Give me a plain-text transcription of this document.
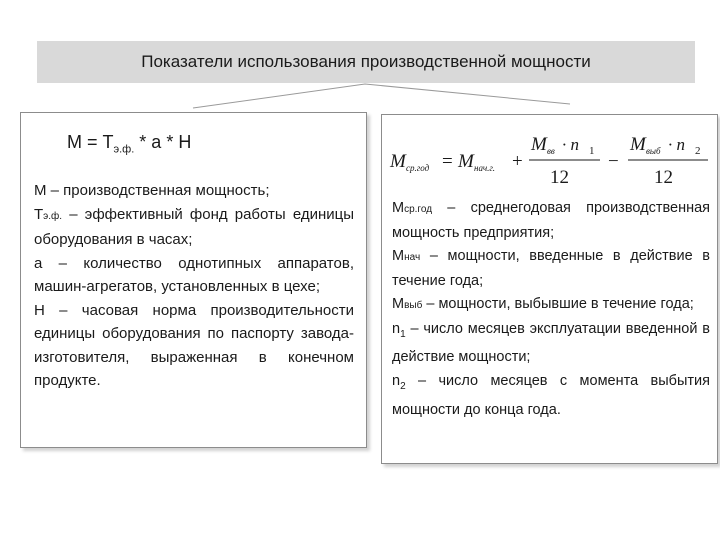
Показатели использования производственной мощности
$М = Т_{э.ф.} * а * Н$

М – производственная мощность;

Тэ.ф. – эффективный фонд работы единицы оборудования в часах;

а – количество однотипных аппаратов, машин-агрегатов, установленных в цехе;

Н – часовая норма производительности единицы оборудования по паспорту завода-изготовителя, выраженная в конечном продукте.

M ср.год = M нач.г. +
M вв · n 1
12
−
M выб · n 2
12

Мср.год – среднегодовая производственная мощность предприятия;

Мнач – мощности, введенные в действие в течение года;

Мвыб – мощности, выбывшие в течение года;

$n_1$ – число месяцев эксплуатации введенной в действие мощности;

$n_2$ – число месяцев с момента выбытия мощности до конца года.
